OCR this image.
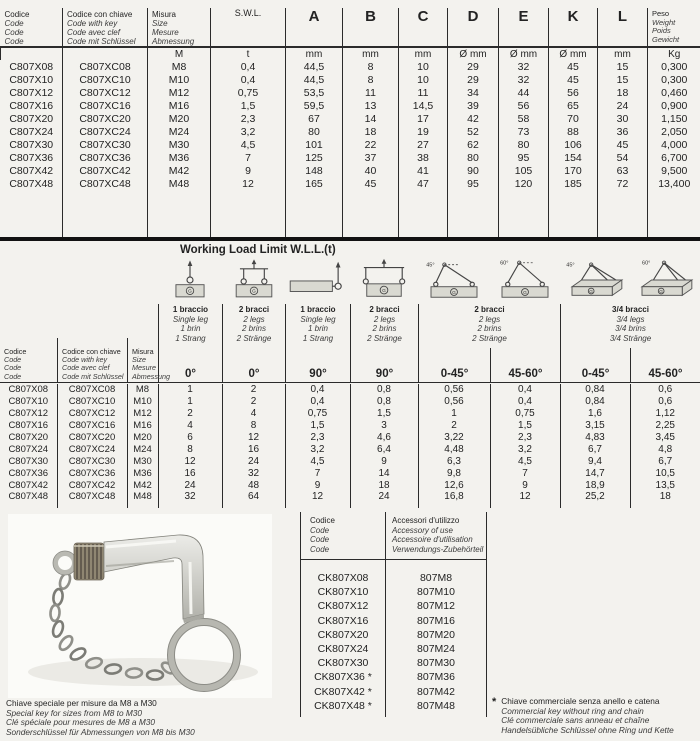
Codice
Code
Code
Code	Codice con chiave
Code with key
Code avec clef
Code mit Schlüssel	Misura
Size
Mesure
Abmessung	S.W.L.	A	B	C	D	E	K	L	Peso
Weight
Poids
Gewicht

		M	t	mm	mm	mm	Ø mm	Ø mm	Ø mm	mm	Kg
C807X08	C807XC08	M8	0,4	44,5	8	10	29	32	45	15	0,300
C807X10	C807XC10	M10	0,4	44,5	8	10	29	32	45	15	0,300
C807X12	C807XC12	M12	0,75	53,5	11	11	34	44	56	18	0,460
C807X16	C807XC16	M16	1,5	59,5	13	14,5	39	56	65	24	0,900
C807X20	C807XC20	M20	2,3	67	14	17	42	58	70	30	1,150
C807X24	C807XC24	M24	3,2	80	18	19	52	73	88	36	2,050
C807X30	C807XC30	M30	4,5	101	22	27	62	80	106	45	4,000
C807X36	C807XC36	M36	7	125	37	38	80	95	154	54	6,700
C807X42	C807XC42	M42	9	148	40	41	90	105	170	63	9,500
C807X48	C807XC48	M48	12	165	45	47	95	120	185	72	13,400

Working Load Limit W.L.L.(t)
G	G	G
45°
G
60°
G
45°
G
60°
G
1 braccio
Single leg
1 brin
1 Strang
2 bracci
2 legs
2 brins
2 Stränge
1 braccio
Single leg
1 brin
1 Strang
2 bracci
2 legs
2 brins
2 Stränge
2 bracci
2 legs
2 brins
2 Stränge
3/4 bracci
3/4 legs
3/4 brins
3/4 Stränge
0°	0°	90°	90°	0-45°	45-60°	0-45°	45-60°
Codice
Code
Code
Code
Codice con chiave
Code with key
Code avec clef
Code mit Schlüssel
Misura
Size
Mesure
Abmessung
C807X08	C807XC08	M8	1	2	0,4	0,8	0,56	0,4	0,84	0,6
C807X10	C807XC10	M10	1	2	0,4	0,8	0,56	0,4	0,84	0,6
C807X12	C807XC12	M12	2	4	0,75	1,5	1	0,75	1,6	1,12
C807X16	C807XC16	M16	4	8	1,5	3	2	1,5	3,15	2,25
C807X20	C807XC20	M20	6	12	2,3	4,6	3,22	2,3	4,83	3,45
C807X24	C807XC24	M24	8	16	3,2	6,4	4,48	3,2	6,7	4,8
C807X30	C807XC30	M30	12	24	4,5	9	6,3	4,5	9,4	6,7
C807X36	C807XC36	M36	16	32	7	14	9,8	7	14,7	10,5
C807X42	C807XC42	M42	24	48	9	18	12,6	9	18,9	13,5
C807X48	C807XC48	M48	32	64	12	24	16,8	12	25,2	18

Chiave speciale per misure da M8 a M30
Special key for sizes from M8 to M30
Clé spéciale pour mesures de M8 a M30
Sonderschlüssel für Abmessungen von M8 bis M30
Codice
Code
Code
Code	Accessori d'utilizzo
Accessory of use
Accessoire d'utilisation
Verwendungs-Zubehörteil

CK807X08	807M8
CK807X10	807M10
CK807X12	807M12
CK807X16	807M16
CK807X20	807M20
CK807X24	807M24
CK807X30	807M30
CK807X36 *	807M36
CK807X42 *	807M42
CK807X48 *	807M48
		* Chiave commerciale senza anello e catena
Commercial key without ring and chain
Clé commerciale sans anneau et chaîne
Handelsübliche Schlüssel ohne Ring und Kette
